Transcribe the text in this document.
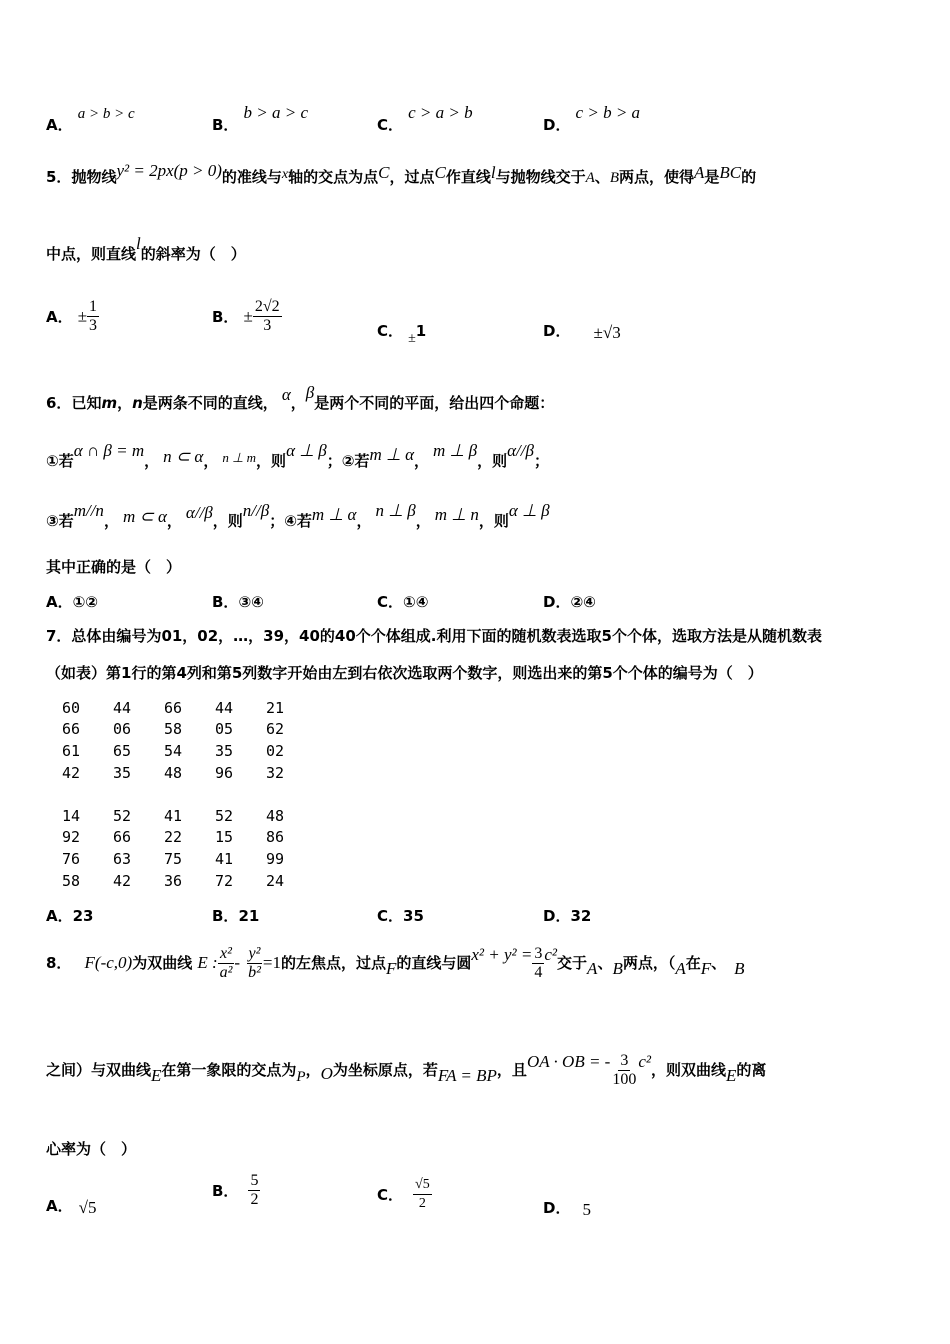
A． a > b > c
B． b > a > c
C． c > a > b
D． c > b > a
5．抛物线y² = 2px(p > 0)的准线与x轴的交点为点C，过点C作直线l与抛物线交于A、B两点，使得A是BC的
中点，则直线l的斜率为（　）
A． ± $\frac{1}{3}$	B． ± $\frac{2√2}{3}$	C． ±1	D． ±√3
6．已知m，n是两条不同的直线， α，β是两个不同的平面，给出四个命题：
①若α ∩ β = m， n ⊂ α， $^{n \perp m}$，则α ⊥ β；②若m ⊥ α，m ⊥ β，则α//β；
③若m//n， m ⊂ α， α//β，则n//β；④若m ⊥ α，n ⊥ β， m ⊥ n，则α ⊥ β
其中正确的是（　）
A．①②	B．③④	C．①④	D．②④
7．总体由编号为01，02，…，39，40的40个个体组成.利用下面的随机数表选取5个个体，选取方法是从随机数表
（如表）第1行的第4列和第5列数字开始由左到右依次选取两个数字，则选出来的第5个个体的编号为（　）
60	44	66	44	21
66	06	58	05	62
61	65	54	35	02
42	35	48	96	32

14	52	41	52	48
92	66	22	15	86
76	63	75	41	99
58	42	36	72	24
A．23	B．21	C．35	D．32
8． F(-c,0)为双曲线 E : $\frac{\text{x²}}{\text{a²}} - \frac{\text{y²}}{\text{b²}} =1$的左焦点，过点F的直线与圆$x^2 + y^2 = \frac{3}{4} c^2$交于A、B两点，（A在F、 B
之间）与双曲线E在第一象限的交点为P，O为坐标原点，若FA = BP，且OA · OB = - $\frac{3}{100} c^2$，则双曲线E的离
心率为（　）
A． √5
B． $\frac{5}{2}$	C． $\frac{√5}{2}$	D． 5
